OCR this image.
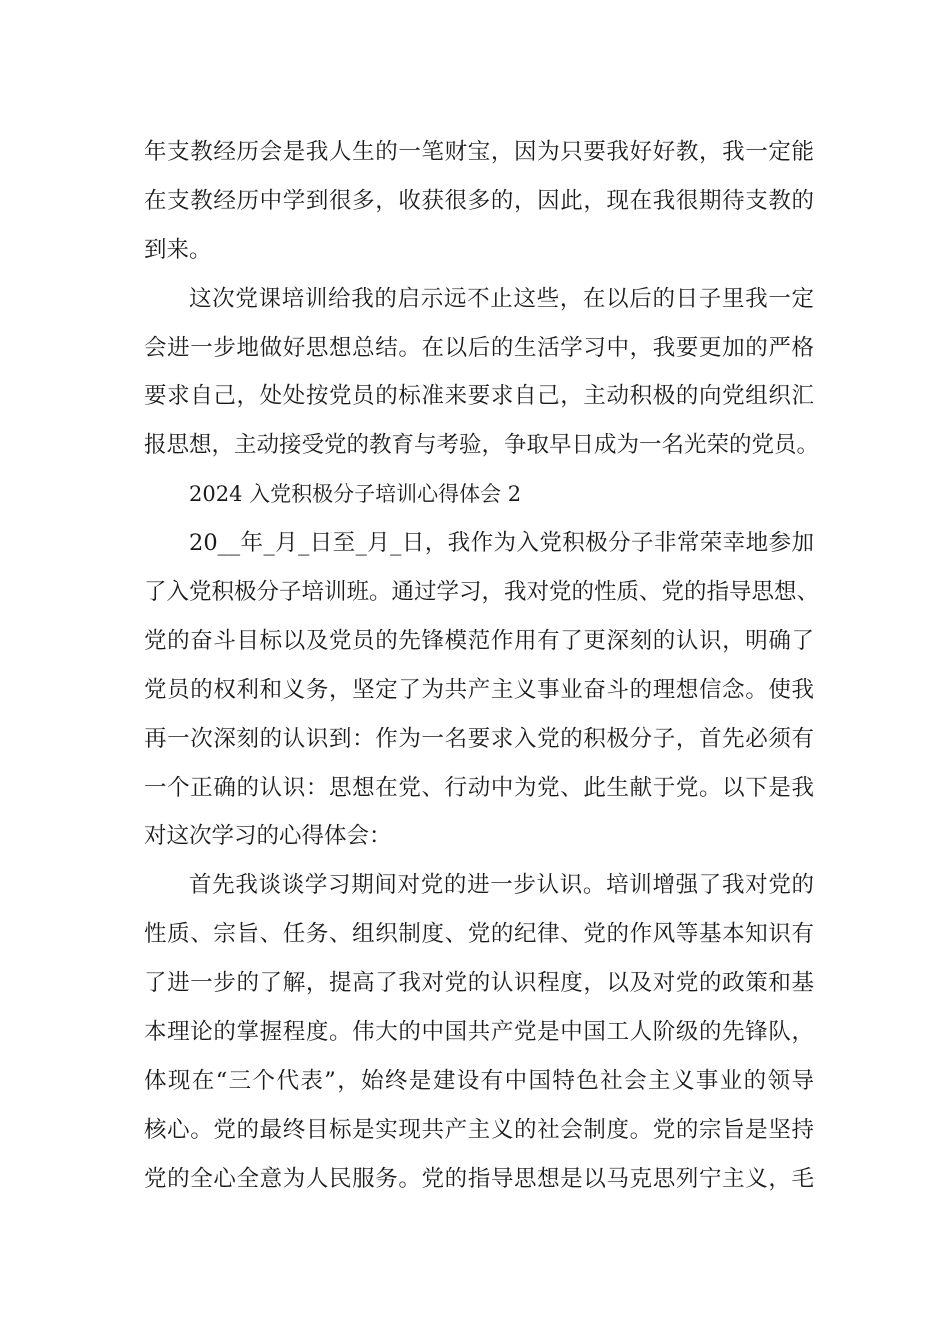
年支教经历会是我人生的一笔财宝，因为只要我好好教，我一定能
在支教经历中学到很多，收获很多的，因此，现在我很期待支教的
到来。
这次党课培训给我的启示远不止这些，在以后的日子里我一定
会进一步地做好思想总结。在以后的生活学习中，我要更加的严格
要求自己，处处按党员的标准来要求自己，主动积极的向党组织汇
报思想，主动接受党的教育与考验，争取早日成为一名光荣的党员。
2024 入党积极分子培训心得体会 2
20__年_月_日至_月_日，我作为入党积极分子非常荣幸地参加
了入党积极分子培训班。通过学习，我对党的性质、党的指导思想、
党的奋斗目标以及党员的先锋模范作用有了更深刻的认识，明确了
党员的权利和义务，坚定了为共产主义事业奋斗的理想信念。使我
再一次深刻的认识到：作为一名要求入党的积极分子，首先必须有
一个正确的认识：思想在党、行动中为党、此生献于党。以下是我
对这次学习的心得体会：
首先我谈谈学习期间对党的进一步认识。培训增强了我对党的
性质、宗旨、任务、组织制度、党的纪律、党的作风等基本知识有
了进一步的了解，提高了我对党的认识程度，以及对党的政策和基
本理论的掌握程度。伟大的中国共产党是中国工人阶级的先锋队，
体现在“三个代表”，始终是建设有中国特色社会主义事业的领导
核心。党的最终目标是实现共产主义的社会制度。党的宗旨是坚持
党的全心全意为人民服务。党的指导思想是以马克思列宁主义，毛
